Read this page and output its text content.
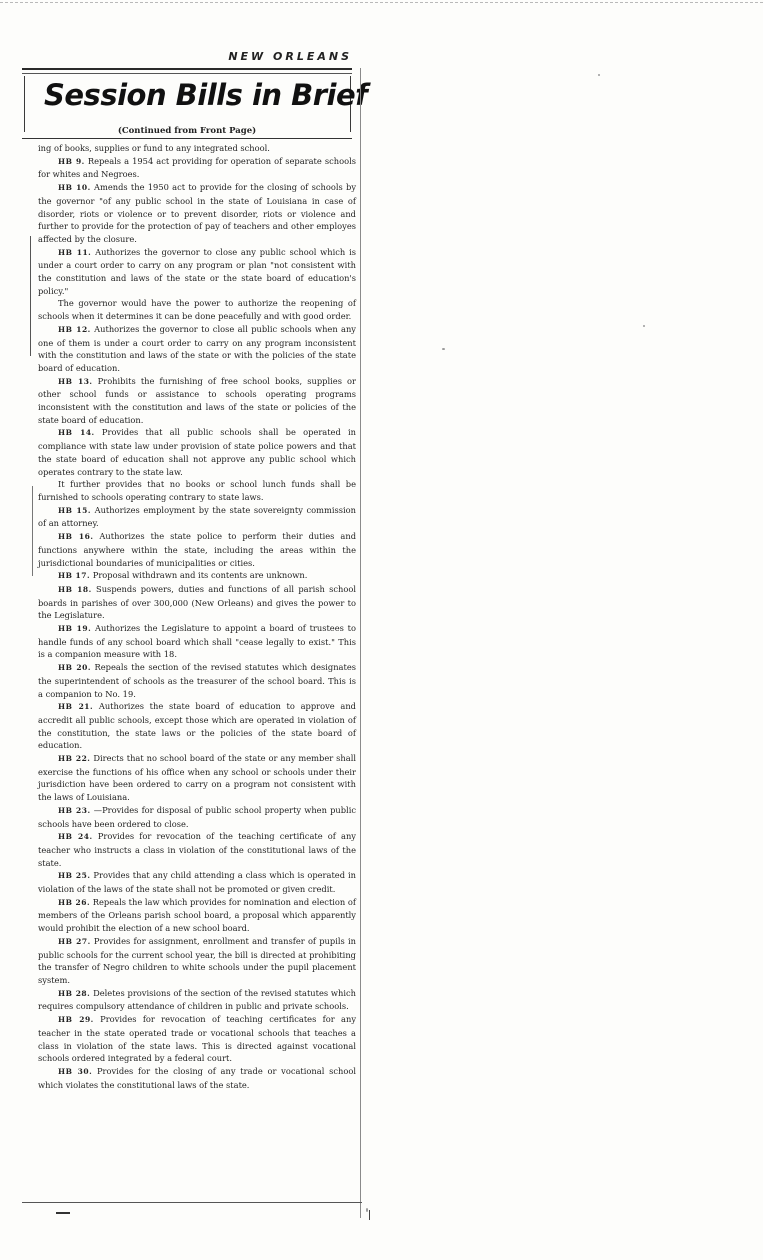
NEW ORLEANS
Session Bills in Brief
(Continued from Front Page)

ing of books, supplies or fund to any integrated school.

HB 9. Repeals a 1954 act providing for operation of separate schools for whites and Negroes.

HB 10. Amends the 1950 act to provide for the closing of schools by the governor "of any public school in the state of Louisiana in case of disorder, riots or violence or to prevent disorder, riots or violence and further to provide for the protection of pay of teachers and other employes affected by the closure.

HB 11. Authorizes the governor to close any public school which is under a court order to carry on any program or plan "not consistent with the constitution and laws of the state or the state board of education's policy."

The governor would have the power to authorize the reopening of schools when it determines it can be done peacefully and with good order.

HB 12. Authorizes the governor to close all public schools when any one of them is under a court order to carry on any program inconsistent with the constitution and laws of the state or with the policies of the state board of education.

HB 13. Prohibits the furnishing of free school books, supplies or other school funds or assistance to schools operating programs inconsistent with the constitution and laws of the state or policies of the state board of education.

HB 14. Provides that all public schools shall be operated in compliance with state law under provision of state police powers and that the state board of education shall not approve any public school which operates contrary to the state law.

It further provides that no books or school lunch funds shall be furnished to schools operating contrary to state laws.

HB 15. Authorizes employment by the state sovereignty commission of an attorney.

HB 16. Authorizes the state police to perform their duties and functions anywhere within the state, including the areas within the jurisdictional boundaries of municipalities or cities.

HB 17. Proposal withdrawn and its contents are unknown.

HB 18. Suspends powers, duties and functions of all parish school boards in parishes of over 300,000 (New Orleans) and gives the power to the Legislature.

HB 19. Authorizes the Legislature to appoint a board of trustees to handle funds of any school board which shall "cease legally to exist." This is a companion measure with 18.

HB 20. Repeals the section of the revised statutes which designates the superintendent of schools as the treasurer of the school board. This is a companion to No. 19.

HB 21. Authorizes the state board of education to approve and accredit all public schools, except those which are operated in violation of the constitution, the state laws or the policies of the state board of education.

HB 22. Directs that no school board of the state or any member shall exercise the functions of his office when any school or schools under their jurisdiction have been ordered to carry on a program not consistent with the laws of Louisiana.

HB 23. —Provides for disposal of public school property when public schools have been ordered to close.

HB 24. Provides for revocation of the teaching certificate of any teacher who instructs a class in violation of the constitutional laws of the state.

HB 25. Provides that any child attending a class which is operated in violation of the laws of the state shall not be promoted or given credit.

HB 26. Repeals the law which provides for nomination and election of members of the Orleans parish school board, a proposal which apparently would prohibit the election of a new school board.

HB 27. Provides for assignment, enrollment and transfer of pupils in public schools for the current school year, the bill is directed at prohibiting the transfer of Negro children to white schools under the pupil placement system.

HB 28. Deletes provisions of the section of the revised statutes which requires compulsory attendance of children in public and private schools.

HB 29. Provides for revocation of teaching certificates for any teacher in the state operated trade or vocational schools that teaches a class in violation of the state laws. This is directed against vocational schools ordered integrated by a federal court.

HB 30. Provides for the closing of any trade or vocational school which violates the constitutional laws of the state.
